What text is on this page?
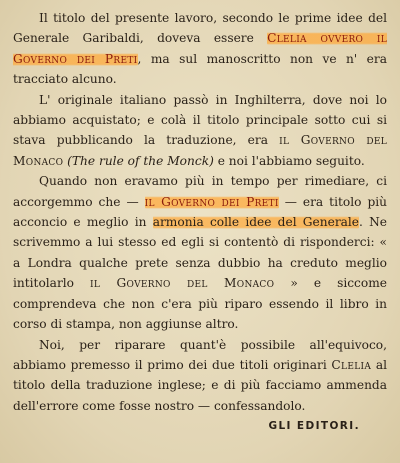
Il titolo del presente lavoro, secondo le prime idee del Generale Garibaldi, doveva essere Clelia ovvero il Governo dei Preti, ma sul manoscritto non ve n' era tracciato alcuno.

L' originale italiano passò in Inghilterra, dove noi lo abbiamo acquistato; e colà il titolo principale sotto cui si stava pubblicando la traduzione, era il Governo del Monaco (The rule of the Monck) e noi l'abbiamo seguito.

Quando non eravamo più in tempo per rimediare, ci accorgemmo che — il Governo dei Preti — era titolo più acconcio e meglio in armonia colle idee del Generale. Ne scrivemmo a lui stesso ed egli si contentò di risponderci: « a Londra qualche prete senza dubbio ha creduto meglio intitolarlo il Governo del Monaco » e siccome comprendeva che non c'era più riparo essendo il libro in corso di stampa, non aggiunse altro.

Noi, per riparare quant'è possibile all'equivoco, abbiamo premesso il primo dei due titoli originari Clelia al titolo della traduzione inglese; e di più facciamo ammenda dell'errore come fosse nostro — confessandolo.

GLI EDITORI.
